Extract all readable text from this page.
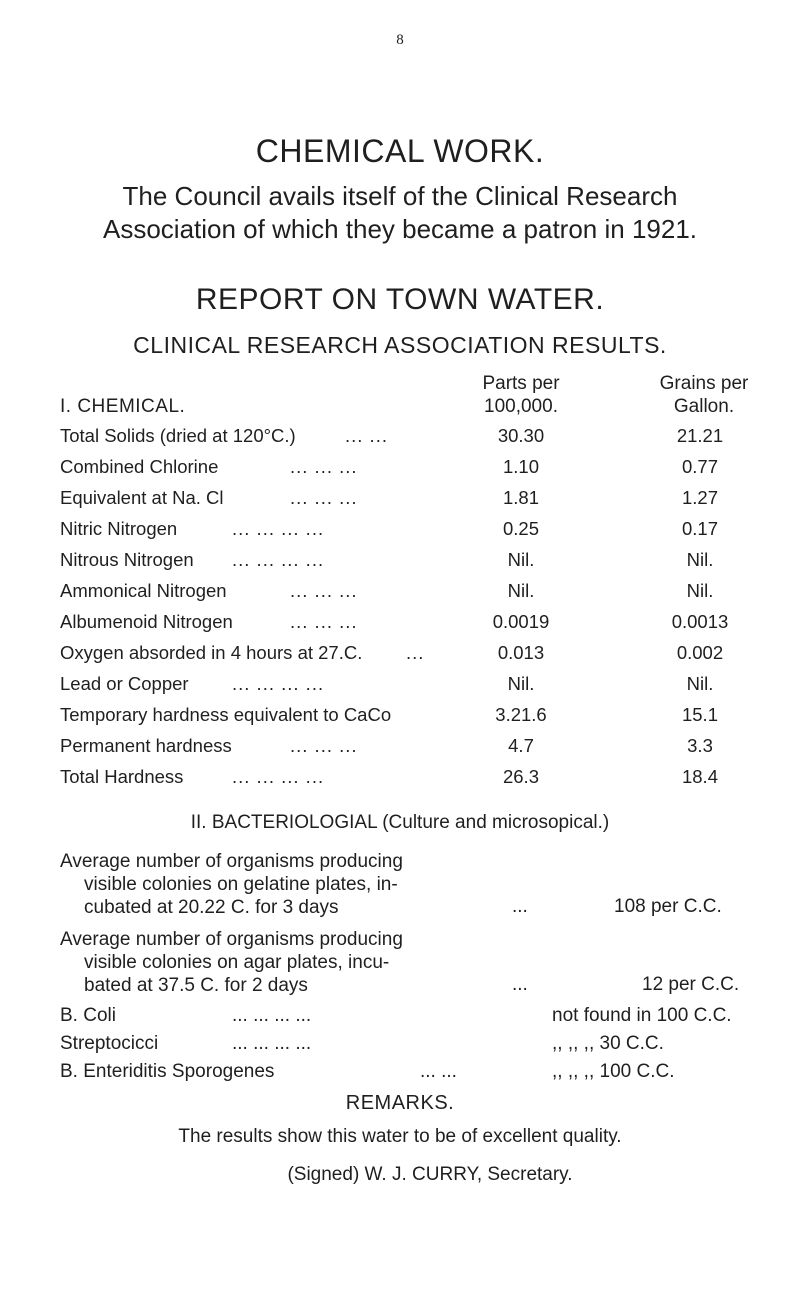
8
CHEMICAL WORK.
The Council avails itself of the Clinical Research
Association of which they became a patron in 1921.
REPORT ON TOWN WATER.
CLINICAL RESEARCH ASSOCIATION RESULTS.
Parts per
100,000.
Grains per
Gallon.
I. CHEMICAL.
Total Solids (dried at 120°C.)	... ...	30.30	21.21
Combined Chlorine	... ... ...	1.10	0.77
Equivalent at Na. Cl	... ... ...	1.81	1.27
Nitric Nitrogen	... ... ... ...	0.25	0.17
Nitrous Nitrogen ... ... ... ...	Nil.	Nil.
Ammonical Nitrogen	... ... ...	Nil.	Nil.
Albumenoid Nitrogen	... ... ...	0.0019	0.0013
Oxygen absorded in 4 hours at 27.C. ...	0.013	0.002
Lead or Copper ... ... ... ...	Nil.	Nil.
Temporary hardness equivalent to CaCo	3.21.6	15.1
Permanent hardness	... ... ...	4.7	3.3
Total Hardness	... ... ... ...	26.3	18.4
II. BACTERIOLOGIAL (Culture and microsopical.)
Average number of organisms producing
visible colonies on gelatine plates, in-
cubated at 20.22 C. for 3 days	...	108 per C.C.
Average number of organisms producing
visible colonies on agar plates, incu-
bated at 37.5 C. for 2 days	...	12 per C.C.
B. Coli	... ... ... ...	not found in 100 C.C.
Streptocicci	... ... ... ...	,, ,, ,, 30 C.C.
B. Enteriditis Sporogenes	... ...	,, ,, ,, 100 C.C.
REMARKS.
The results show this water to be of excellent quality.
(Signed) W. J. CURRY, Secretary.
